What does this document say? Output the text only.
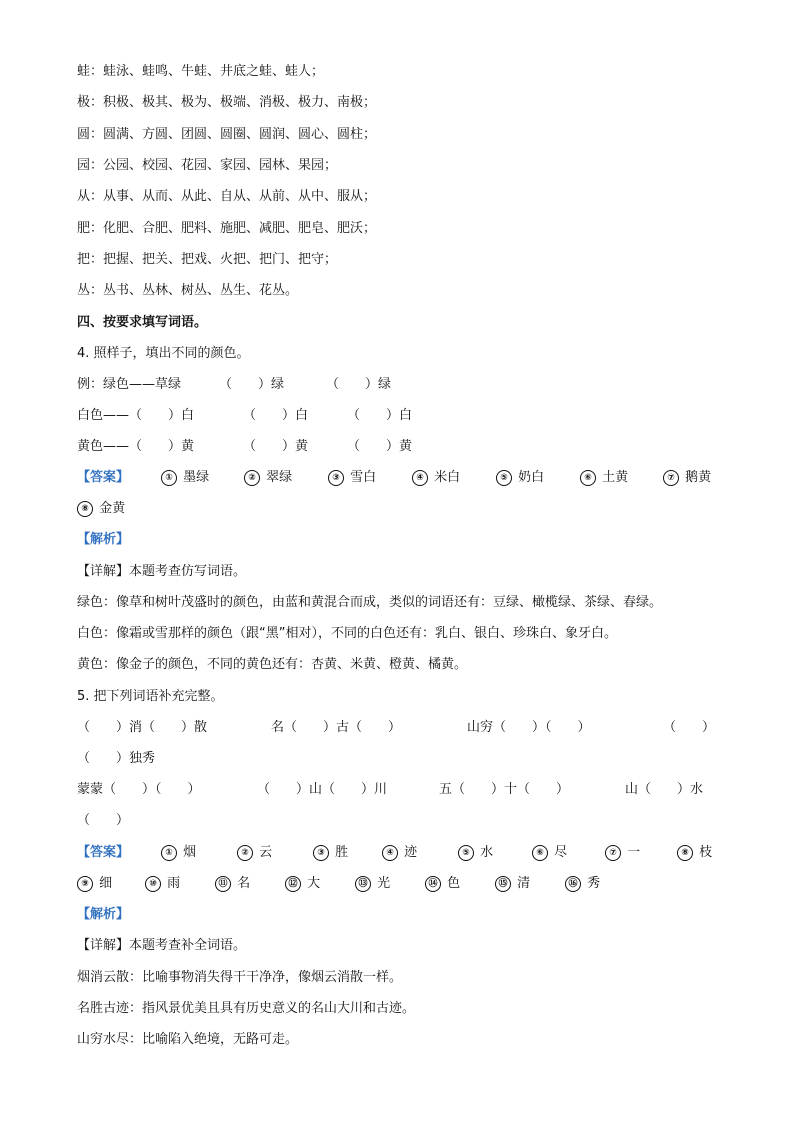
蛙：蛙泳、蛙鸣、牛蛙、井底之蛙、蛙人；
极：积极、极其、极为、极端、消极、极力、南极；
圆：圆满、方圆、团圆、圆圈、圆润、圆心、圆柱；
园：公园、校园、花园、家园、园林、果园；
从：从事、从而、从此、自从、从前、从中、服从；
肥：化肥、合肥、肥料、施肥、减肥、肥皂、肥沃；
把：把握、把关、把戏、火把、把门、把守；
丛：丛书、丛林、树丛、丛生、花丛。
四、按要求填写词语。
4. 照样子，填出不同的颜色。
例：绿色——草绿	（　　）绿	（　　）绿
白色——（　　）白	（　　）白	（　　）白
黄色——（　　）黄	（　　）黄	（　　）黄
【答案】	① 墨绿	② 翠绿	③ 雪白	④ 米白	⑤ 奶白	⑥ 土黄	⑦ 鹅黄
⑧ 金黄
【解析】
【详解】本题考查仿写词语。
绿色：像草和树叶茂盛时的颜色，由蓝和黄混合而成，类似的词语还有：豆绿、橄榄绿、茶绿、春绿。
白色：像霜或雪那样的颜色（跟“黑”相对），不同的白色还有：乳白、银白、珍珠白、象牙白。
黄色：像金子的颜色，不同的黄色还有：杏黄、米黄、橙黄、橘黄。
5. 把下列词语补充完整。
（　　）消（　　）散	名（　　）古（　　）	山穷（　　）（　　）	（　　）
（　　）独秀
蒙蒙（　　）（　　）	（　　）山（　　）川	五（　　）十（　　）	山（　　）水
（　　）
【答案】	① 烟	② 云	③ 胜	④ 迹	⑤ 水	⑥ 尽	⑦ 一	⑧ 枝
⑨ 细	⑩ 雨	⑪ 名	⑫ 大	⑬ 光	⑭ 色	⑮ 清	⑯ 秀
【解析】
【详解】本题考查补全词语。
烟消云散：比喻事物消失得干干净净，像烟云消散一样。
名胜古迹：指风景优美且具有历史意义的名山大川和古迹。
山穷水尽：比喻陷入绝境，无路可走。
